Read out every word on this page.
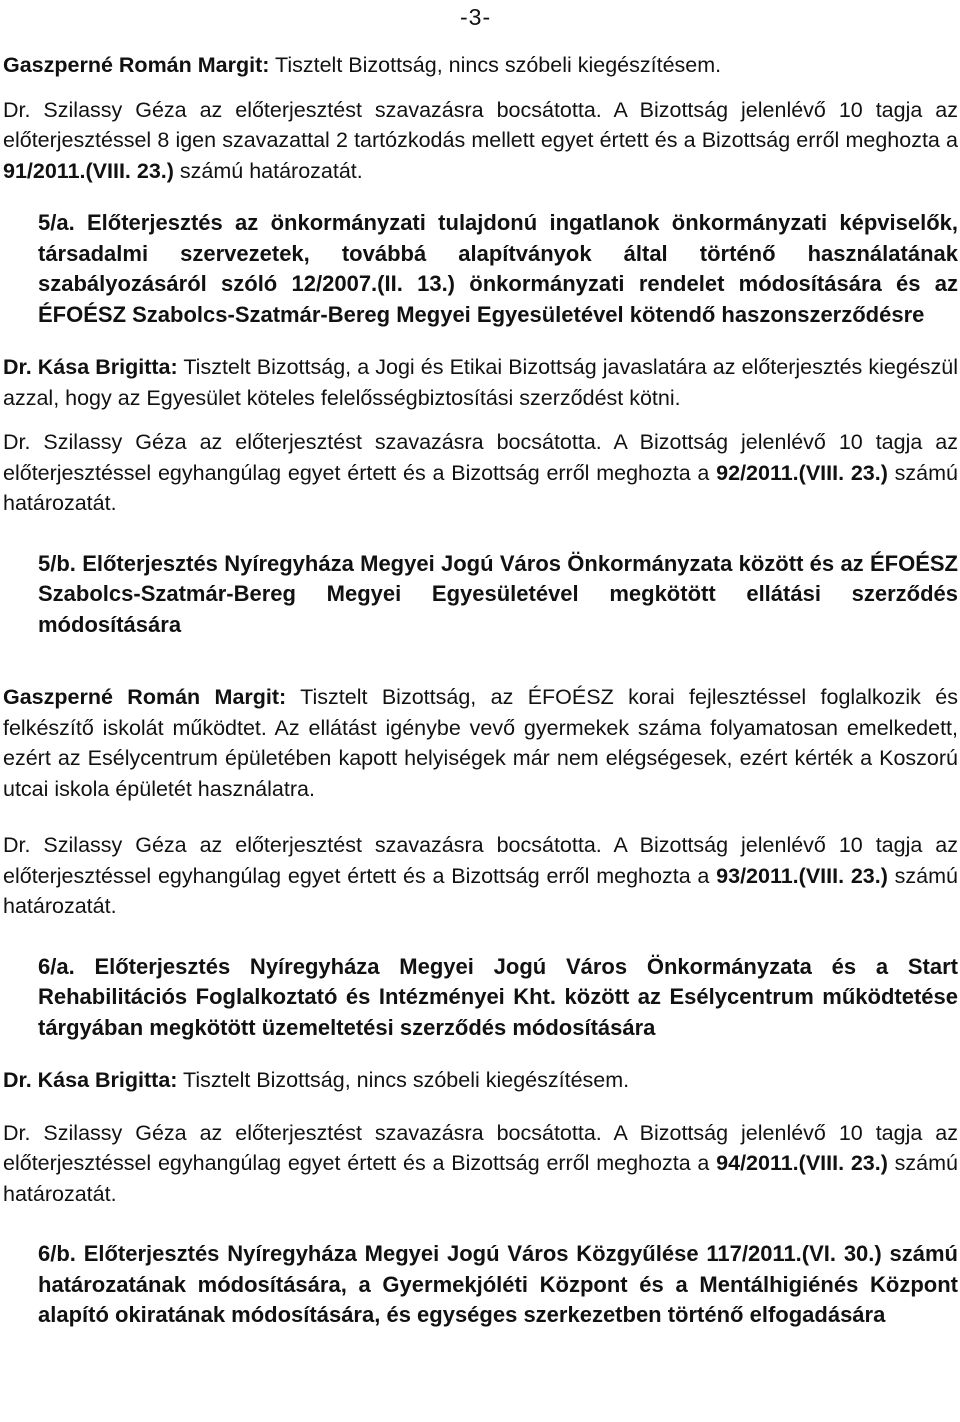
-3-

Gaszperné Román Margit: Tisztelt Bizottság, nincs szóbeli kiegészítésem.

Dr. Szilassy Géza az előterjesztést szavazásra bocsátotta. A Bizottság jelenlévő 10 tagja az előterjesztéssel 8 igen szavazattal 2 tartózkodás mellett egyet értett és a Bizottság erről meghozta a 91/2011.(VIII. 23.) számú határozatát.

5/a. Előterjesztés az önkormányzati tulajdonú ingatlanok önkormányzati képviselők, társadalmi szervezetek, továbbá alapítványok által történő használatának szabályozásáról szóló 12/2007.(II. 13.) önkormányzati rendelet módosítására és az ÉFOÉSZ Szabolcs-Szatmár-Bereg Megyei Egyesületével kötendő haszonszerződésre

Dr. Kása Brigitta: Tisztelt Bizottság, a Jogi és Etikai Bizottság javaslatára az előterjesztés kiegészül azzal, hogy az Egyesület köteles felelősségbiztosítási szerződést kötni.

Dr. Szilassy Géza az előterjesztést szavazásra bocsátotta. A Bizottság jelenlévő 10 tagja az előterjesztéssel egyhangúlag egyet értett és a Bizottság erről meghozta a 92/2011.(VIII. 23.) számú határozatát.

5/b. Előterjesztés Nyíregyháza Megyei Jogú Város Önkormányzata között és az ÉFOÉSZ Szabolcs-Szatmár-Bereg Megyei Egyesületével megkötött ellátási szerződés módosítására

Gaszperné Román Margit: Tisztelt Bizottság, az ÉFOÉSZ korai fejlesztéssel foglalkozik és felkészítő iskolát működtet. Az ellátást igénybe vevő gyermekek száma folyamatosan emelkedett, ezért az Esélycentrum épületében kapott helyiségek már nem elégségesek, ezért kérték a Koszorú utcai iskola épületét használatra.

Dr. Szilassy Géza az előterjesztést szavazásra bocsátotta. A Bizottság jelenlévő 10 tagja az előterjesztéssel egyhangúlag egyet értett és a Bizottság erről meghozta a 93/2011.(VIII. 23.) számú határozatát.

6/a. Előterjesztés Nyíregyháza Megyei Jogú Város Önkormányzata és a Start Rehabilitációs Foglalkoztató és Intézményei Kht. között az Esélycentrum működtetése tárgyában megkötött üzemeltetési szerződés módosítására

Dr. Kása Brigitta: Tisztelt Bizottság, nincs szóbeli kiegészítésem.

Dr. Szilassy Géza az előterjesztést szavazásra bocsátotta. A Bizottság jelenlévő 10 tagja az előterjesztéssel egyhangúlag egyet értett és a Bizottság erről meghozta a 94/2011.(VIII. 23.) számú határozatát.

6/b. Előterjesztés Nyíregyháza Megyei Jogú Város Közgyűlése 117/2011.(VI. 30.) számú határozatának módosítására, a Gyermekjóléti Központ és a Mentálhigiénés Központ alapító okiratának módosítására, és egységes szerkezetben történő elfogadására
